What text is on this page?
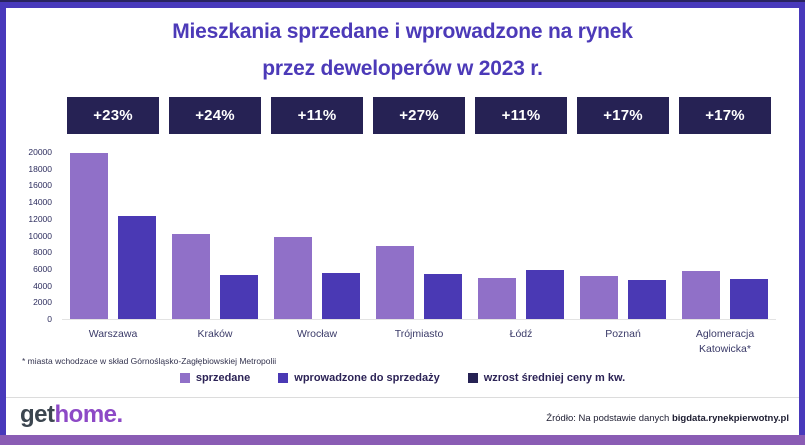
Mieszkania sprzedane i wprowadzone na rynek
przez deweloperów w 2023 r.
+23%	+24%	+11%	+27%	+11%	+17%	+17%
0
2000
4000
6000
8000
10000
12000
14000
16000
18000
20000
Warszawa	Kraków	Wrocław	Trójmiasto	Łódź	Poznań	Aglomeracja
Katowicka*
* miasta wchodzace w skład Górnośląsko-Zagłębiowskiej Metropolii
sprzedane	wprowadzone do sprzedaży	wzrost średniej ceny m kw.
gethome.	Źródło: Na podstawie danych bigdata.rynekpierwotny.pl
